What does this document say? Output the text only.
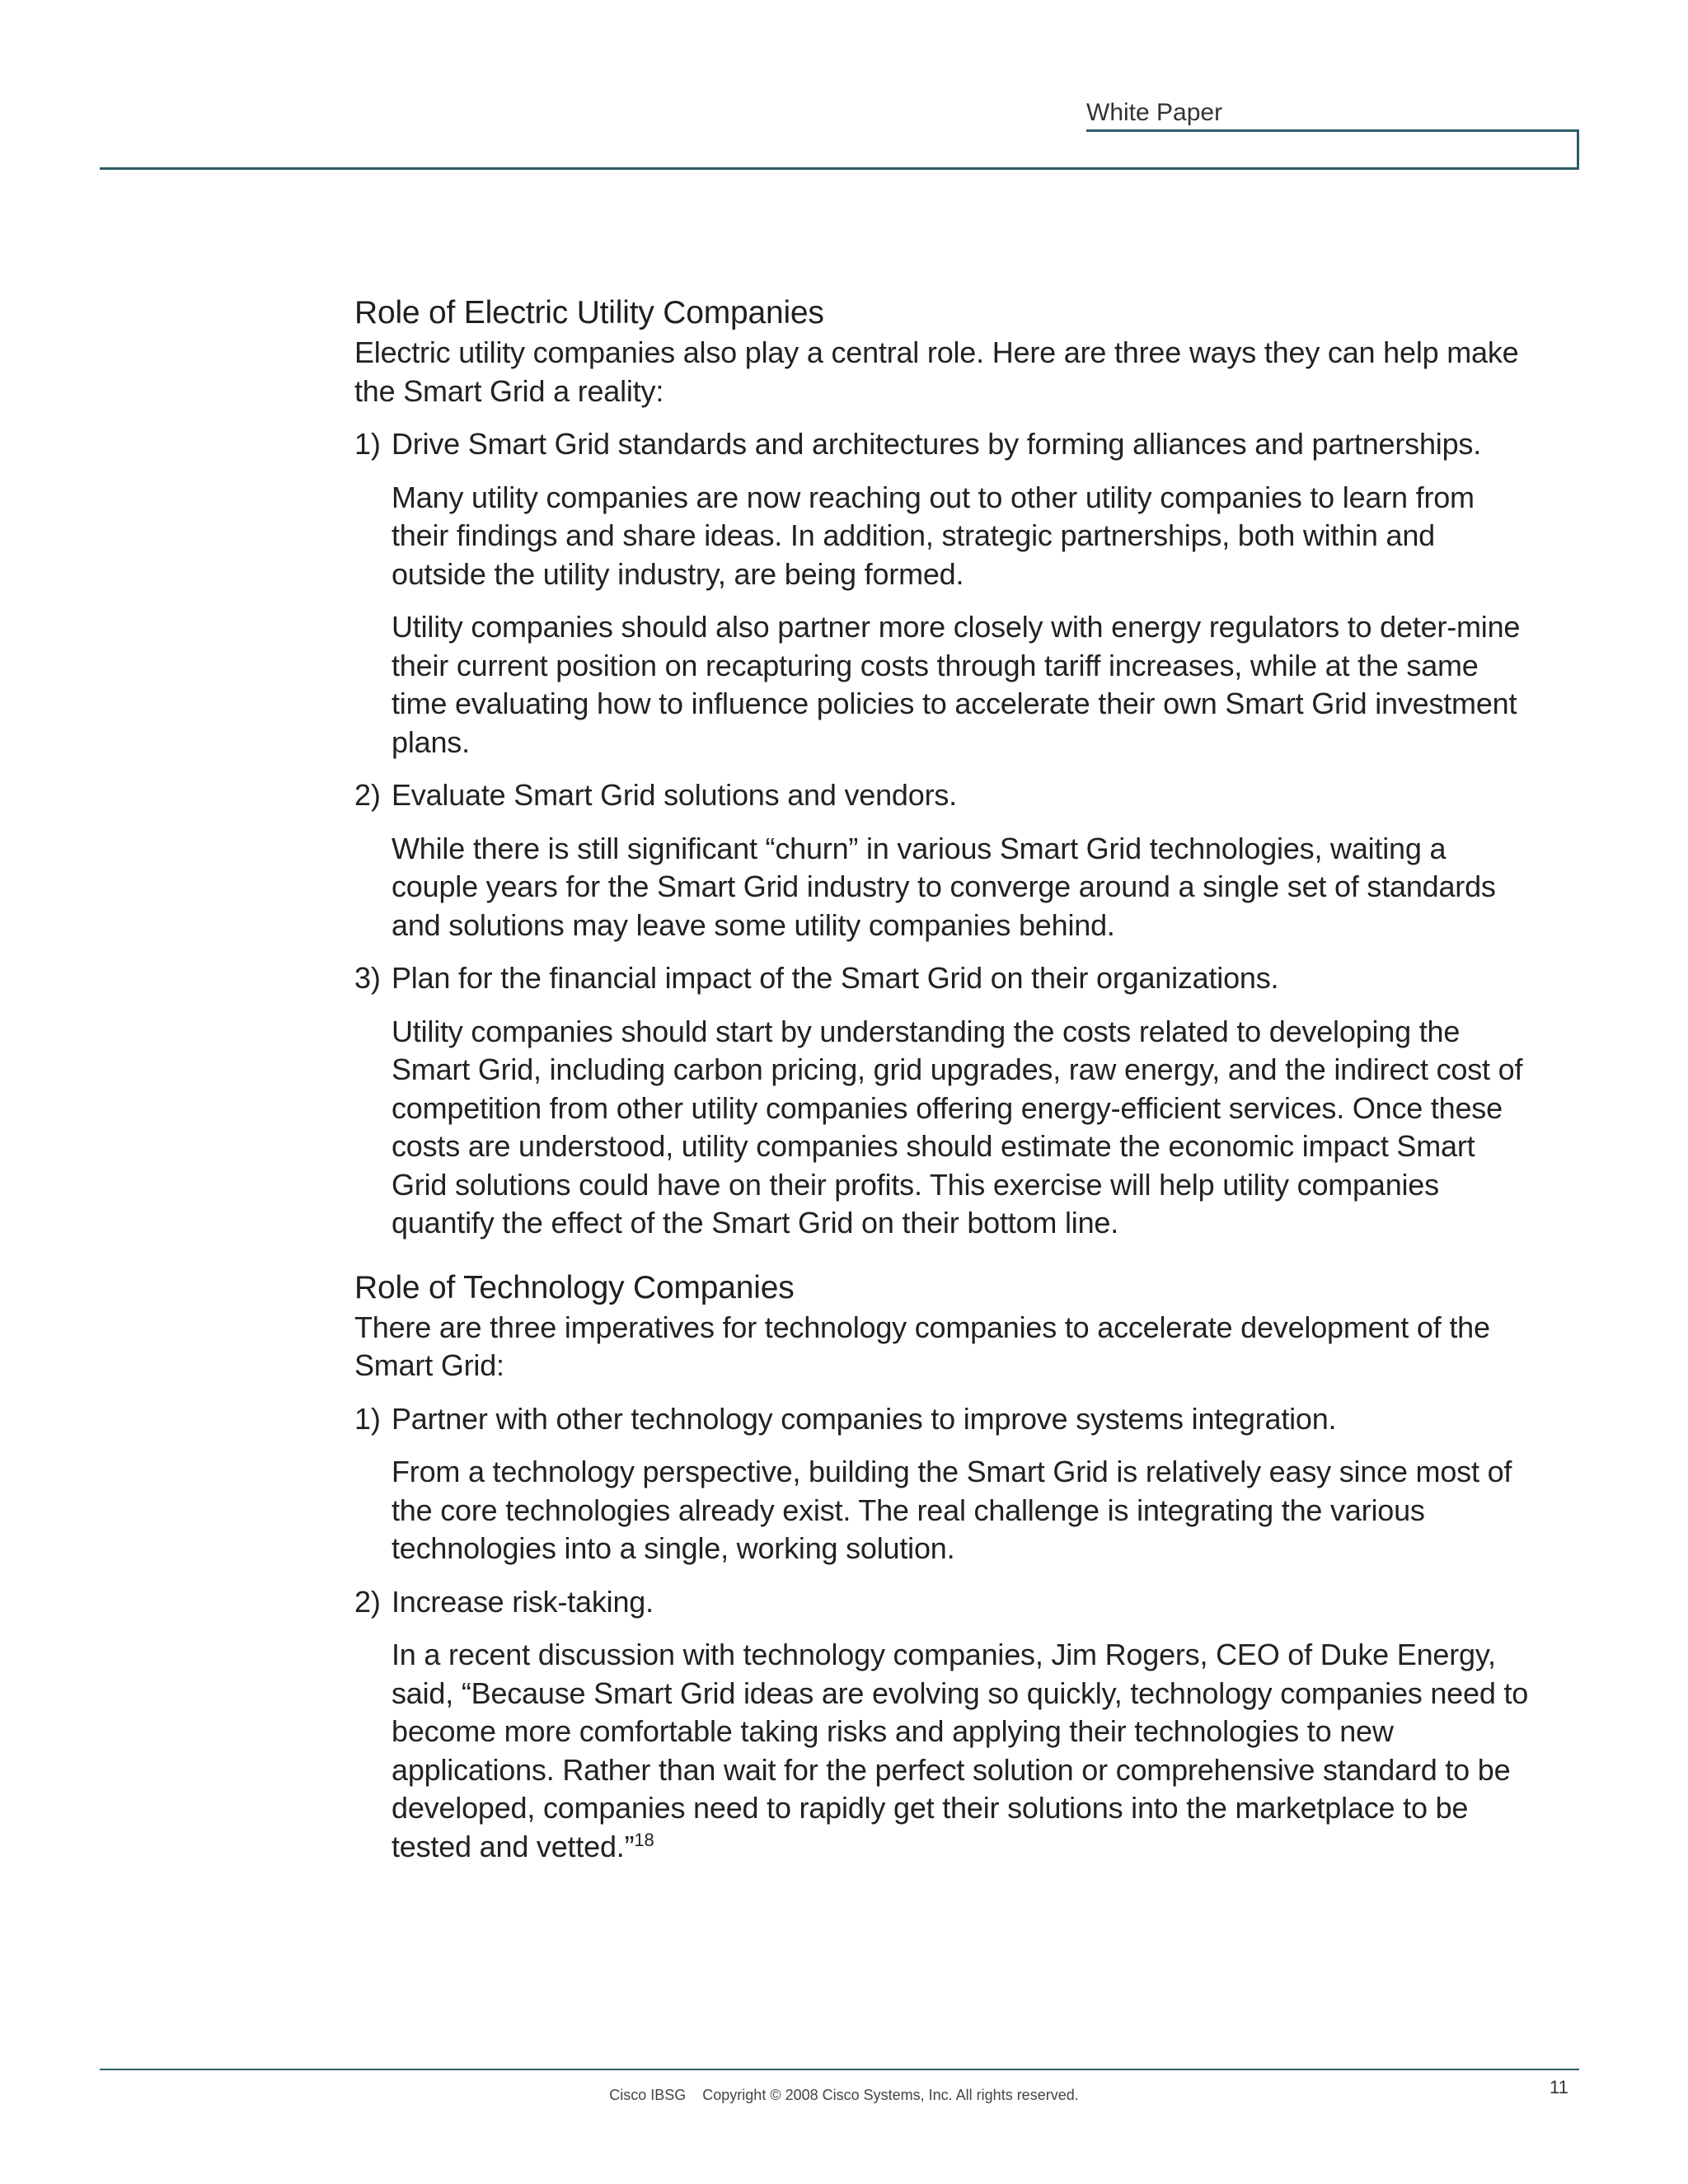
White Paper
Role of Electric Utility Companies

Electric utility companies also play a central role. Here are three ways they can help make the Smart Grid a reality:

1) Drive Smart Grid standards and architectures by forming alliances and partnerships.

Many utility companies are now reaching out to other utility companies to learn from their findings and share ideas. In addition, strategic partnerships, both within and outside the utility industry, are being formed.

Utility companies should also partner more closely with energy regulators to deter-mine their current position on recapturing costs through tariff increases, while at the same time evaluating how to influence policies to accelerate their own Smart Grid investment plans.

2) Evaluate Smart Grid solutions and vendors.

While there is still significant “churn” in various Smart Grid technologies, waiting a couple years for the Smart Grid industry to converge around a single set of standards and solutions may leave some utility companies behind.

3) Plan for the financial impact of the Smart Grid on their organizations.

Utility companies should start by understanding the costs related to developing the Smart Grid, including carbon pricing, grid upgrades, raw energy, and the indirect cost of competition from other utility companies offering energy-efficient services. Once these costs are understood, utility companies should estimate the economic impact Smart Grid solutions could have on their profits. This exercise will help utility companies quantify the effect of the Smart Grid on their bottom line.

Role of Technology Companies

There are three imperatives for technology companies to accelerate development of the Smart Grid:

1) Partner with other technology companies to improve systems integration.

From a technology perspective, building the Smart Grid is relatively easy since most of the core technologies already exist. The real challenge is integrating the various technologies into a single, working solution.

2) Increase risk-taking.

In a recent discussion with technology companies, Jim Rogers, CEO of Duke Energy, said, “Because Smart Grid ideas are evolving so quickly, technology companies need to become more comfortable taking risks and applying their technologies to new applications. Rather than wait for the perfect solution or comprehensive standard to be developed, companies need to rapidly get their solutions into the marketplace to be tested and vetted.”$^{18}$

Cisco IBSG Copyright © 2008 Cisco Systems, Inc. All rights reserved.	11
